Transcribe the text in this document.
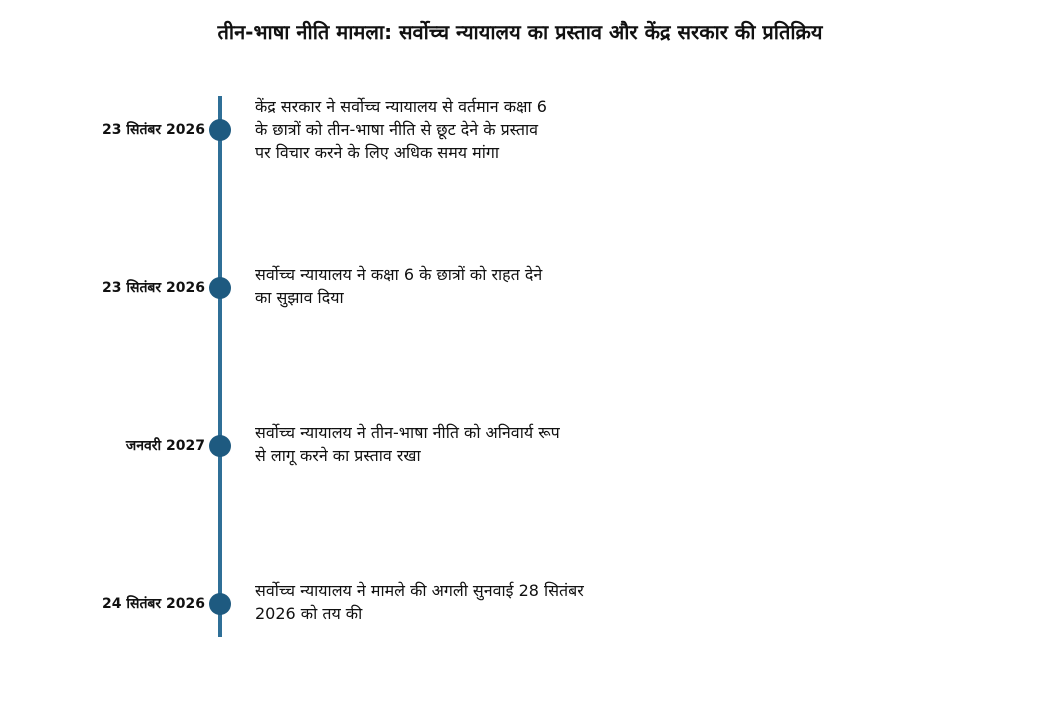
तीन-भाषा नीति मामला: सर्वोच्च न्यायालय का प्रस्ताव और केंद्र सरकार की प्रतिक्रिय
23 सितंबर 2026
केंद्र सरकार ने सर्वोच्च न्यायालय से वर्तमान कक्षा 6
के छात्रों को तीन-भाषा नीति से छूट देने के प्रस्ताव
पर विचार करने के लिए अधिक समय मांगा
23 सितंबर 2026
सर्वोच्च न्यायालय ने कक्षा 6 के छात्रों को राहत देने
का सुझाव दिया
जनवरी 2027
सर्वोच्च न्यायालय ने तीन-भाषा नीति को अनिवार्य रूप
से लागू करने का प्रस्ताव रखा
24 सितंबर 2026
सर्वोच्च न्यायालय ने मामले की अगली सुनवाई 28 सितंबर
2026 को तय की
